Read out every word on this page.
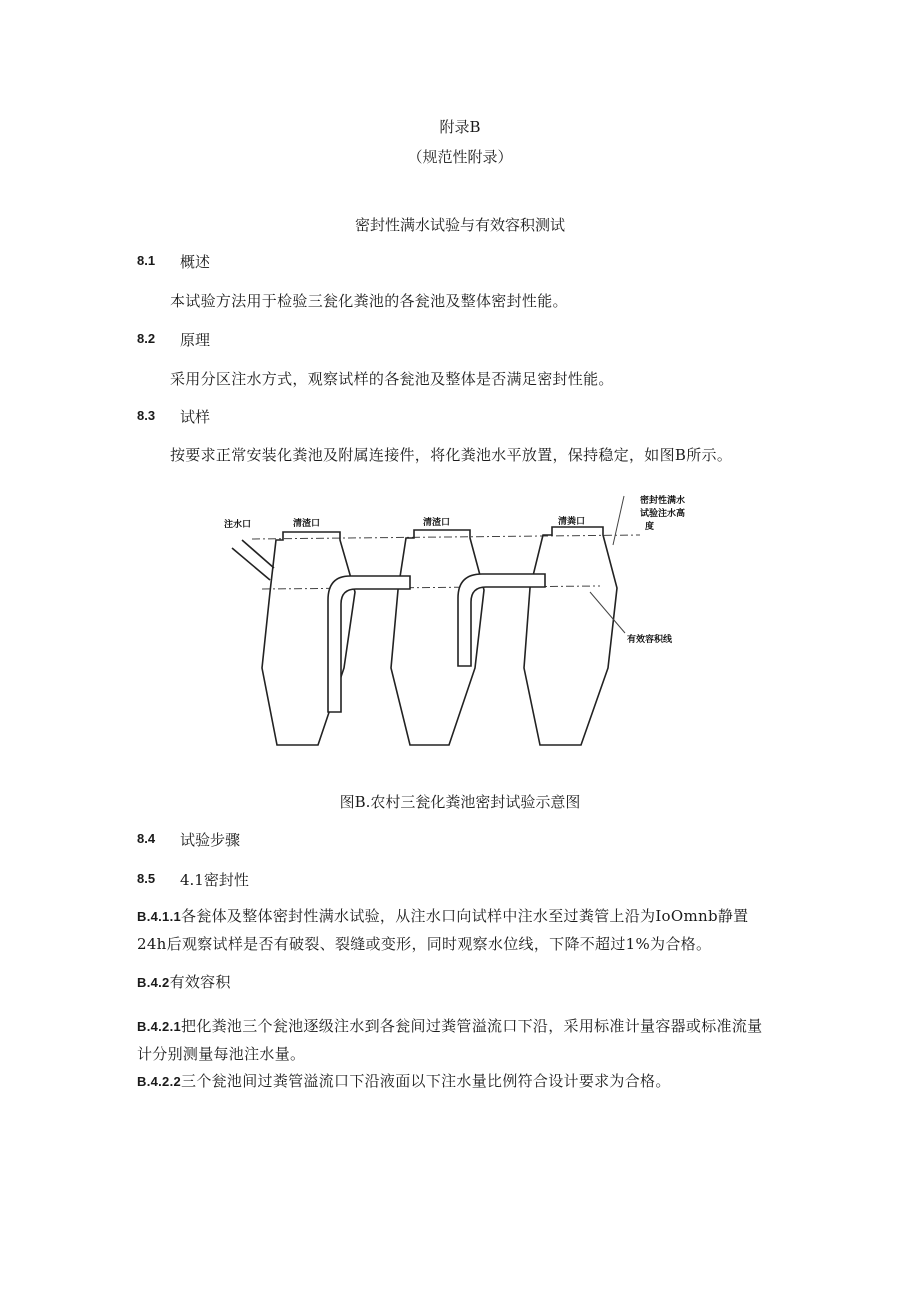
附录B
（规范性附录）
密封性满水试验与有效容积测试
8.1 概述
本试验方法用于检验三瓮化粪池的各瓮池及整体密封性能。
8.2 原理
采用分区注水方式，观察试样的各瓮池及整体是否满足密封性能。
8.3 试样
按要求正常安装化粪池及附属连接件，将化粪池水平放置，保持稳定，如图B所示。
注水口	清渣口	清渣口	清粪口
密封性满水
试验注水高
度
有效容积线
图B.农村三瓮化粪池密封试验示意图
8.4 试验步骤
8.5 4.1密封性
B.4.1.1各瓮体及整体密封性满水试验，从注水口向试样中注水至过粪管上沿为IoOmnb静置
24h后观察试样是否有破裂、裂缝或变形，同时观察水位线，下降不超过1%为合格。
B.4.2有效容积
B.4.2.1把化粪池三个瓮池逐级注水到各瓮间过粪管溢流口下沿，采用标准计量容器或标准流量
计分别测量每池注水量。
B.4.2.2三个瓮池间过粪管溢流口下沿液面以下注水量比例符合设计要求为合格。
